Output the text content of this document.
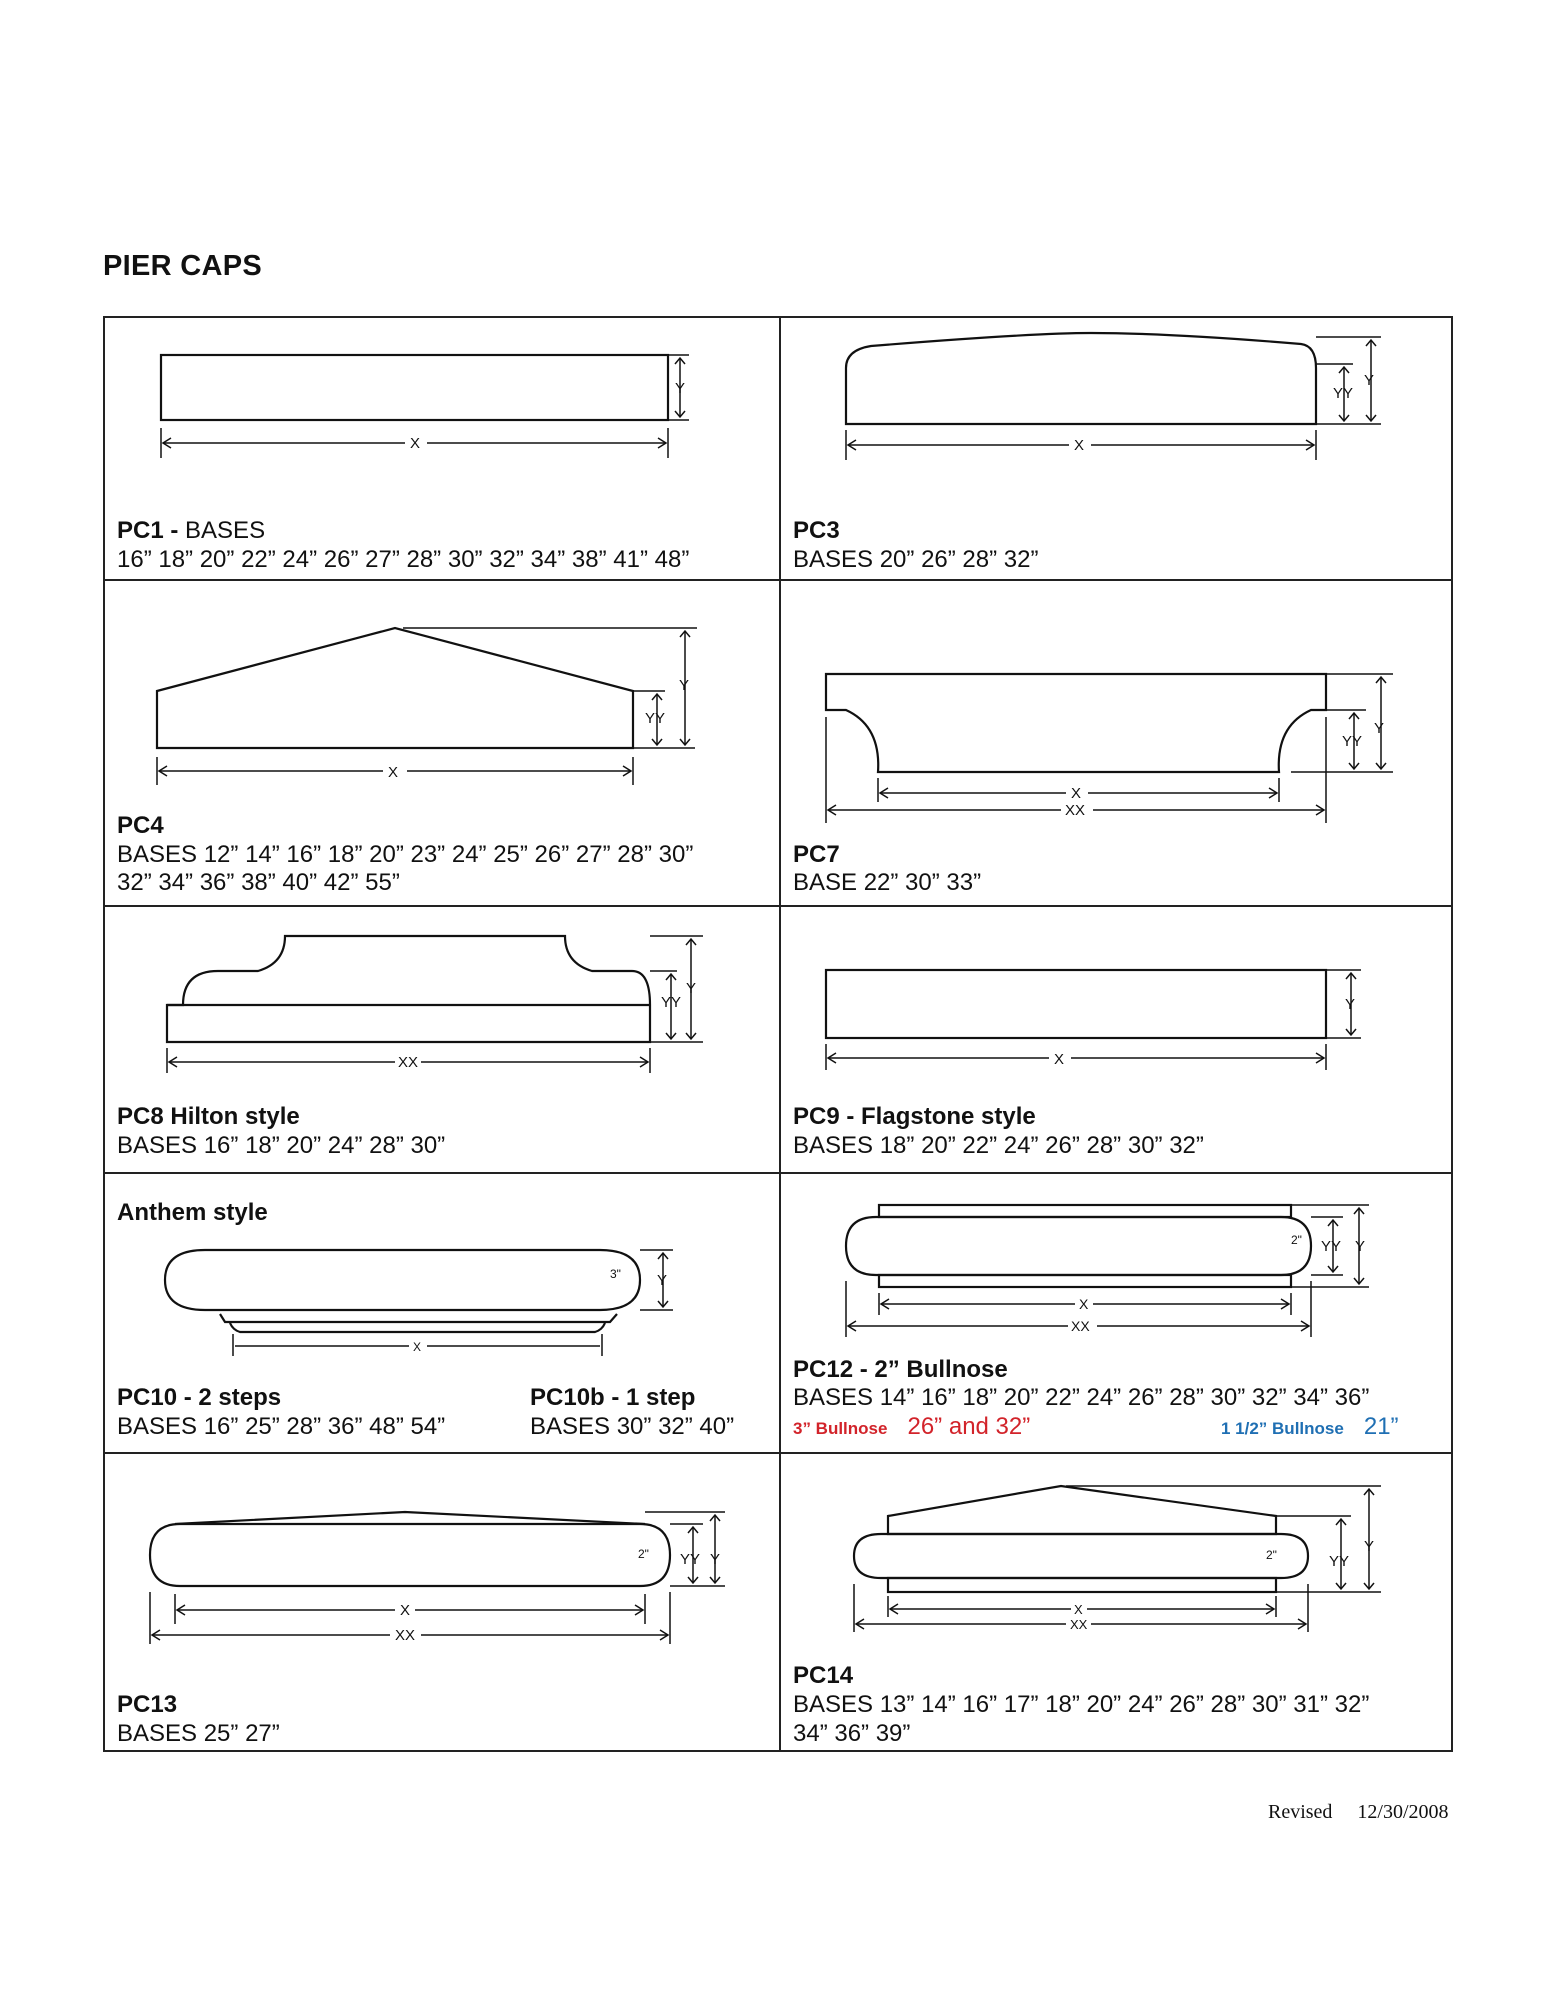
PIER CAPS
Y
X
PC1 - BASES
16” 18” 20” 22” 24” 26” 27” 28” 30” 32” 34” 38” 41” 48”
Y
YY
X
PC3
BASES 20” 26” 28” 32”
Y
YY
X
PC4
BASES 12” 14” 16” 18” 20” 23” 24” 25” 26” 27” 28” 30”
32” 34” 36” 38” 40” 42” 55”
Y
YY
X
XX
PC7
BASE 22” 30” 33”
Y
YY
XX
PC8 Hilton style
BASES 16” 18” 20” 24” 28” 30”
Y
X
PC9 - Flagstone style
BASES 18” 20” 22” 24” 26” 28” 30” 32”
3" Y
X
Anthem style
PC10 - 2 steps	PC10b - 1 step
BASES 16” 25” 28” 36” 48” 54”	BASES 30” 32” 40”
2"	Y
YY
X
XX
PC12 - 2” Bullnose
BASES 14” 16” 18” 20” 22” 24” 26” 28” 30” 32” 34” 36”
3” Bullnose 26” and 32”	1 1/2” Bullnose 21”
2"	Y
YY
X
XX
PC13
BASES 25” 27”
2"	Y
YY
X
XX
PC14
BASES 13” 14” 16” 17” 18” 20” 24” 26” 28” 30” 31” 32”
34” 36” 39”
Revised     12/30/2008
